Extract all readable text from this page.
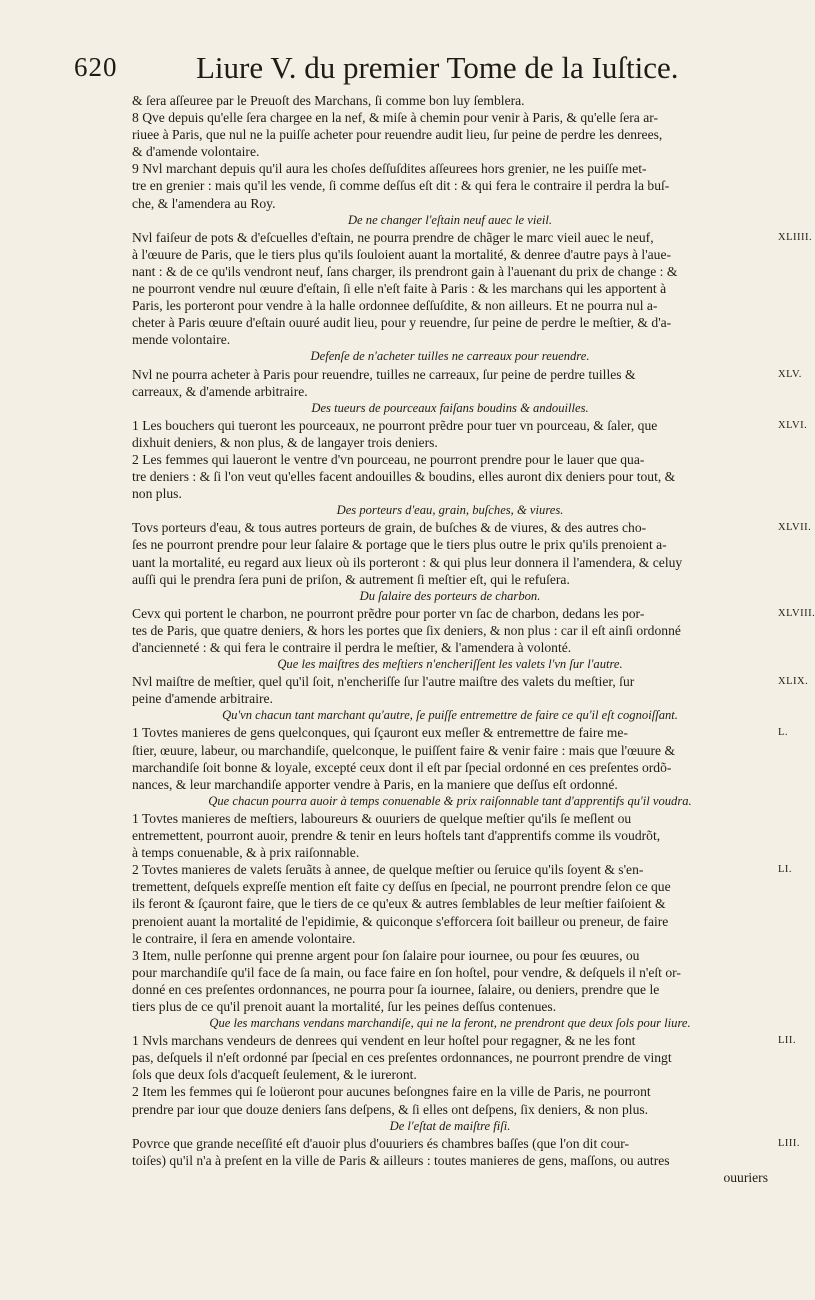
620	Liure V. du premier Tome de la Iuſtice.
& ſera aſſeuree par le Preuoſt des Marchans, ſi comme bon luy ſemblera.
8 Qve depuis qu'elle ſera chargee en la nef, & miſe à chemin pour venir à Paris, & qu'elle ſera ar-
riuee à Paris, que nul ne la puiſſe acheter pour reuendre audit lieu, ſur peine de perdre les denrees,
& d'amende volontaire.
9 Nvl marchant depuis qu'il aura les choſes deſſuſdites aſſeurees hors grenier, ne les puiſſe met-
tre en grenier : mais qu'il les vende, ſi comme deſſus eſt dit : & qui fera le contraire il perdra la buſ-
che, & l'amendera au Roy.
De ne changer l'eſtain neuf auec le vieil.
XLIIII.
Nvl faiſeur de pots & d'eſcuelles d'eſtain, ne pourra prendre de chãger le marc vieil auec le neuf,
à l'œuure de Paris, que le tiers plus qu'ils ſouloient auant la mortalité, & denree d'autre pays à l'aue-
nant : & de ce qu'ils vendront neuf, ſans charger, ils prendront gain à l'auenant du prix de change : &
ne pourront vendre nul œuure d'eſtain, ſi elle n'eſt faite à Paris : & les marchans qui les apportent à
Paris, les porteront pour vendre à la halle ordonnee deſſuſdite, & non ailleurs. Et ne pourra nul a-
cheter à Paris œuure d'eſtain ouuré audit lieu, pour y reuendre, ſur peine de perdre le meſtier, & d'a-
mende volontaire.
Defenſe de n'acheter tuilles ne carreaux pour reuendre.
XLV.
Nvl ne pourra acheter à Paris pour reuendre, tuilles ne carreaux, ſur peine de perdre tuilles &
carreaux, & d'amende arbitraire.
Des tueurs de pourceaux faiſans boudins & andouilles.
XLVI.
1 Les bouchers qui tueront les pourceaux, ne pourront prẽdre pour tuer vn pourceau, & ſaler, que
dixhuit deniers, & non plus, & de langayer trois deniers.
2 Les femmes qui laueront le ventre d'vn pourceau, ne pourront prendre pour le lauer que qua-
tre deniers : & ſi l'on veut qu'elles facent andouilles & boudins, elles auront dix deniers pour tout, &
non plus.
Des porteurs d'eau, grain, buſches, & viures.
XLVII.
Tovs porteurs d'eau, & tous autres porteurs de grain, de buſches & de viures, & des autres cho-
ſes ne pourront prendre pour leur ſalaire & portage que le tiers plus outre le prix qu'ils prenoient a-
uant la mortalité, eu regard aux lieux où ils porteront : & qui plus leur donnera il l'amendera, & celuy
auſſi qui le prendra ſera puni de priſon, & autrement ſi meſtier eſt, qui le refuſera.
Du ſalaire des porteurs de charbon.
XLVIII.
Cevx qui portent le charbon, ne pourront prẽdre pour porter vn ſac de charbon, dedans les por-
tes de Paris, que quatre deniers, & hors les portes que ſix deniers, & non plus : car il eſt ainſi ordonné
d'ancienneté : & qui fera le contraire il perdra le meſtier, & l'amendera à volonté.
Que les maiſtres des meſtiers n'encheriſſent les valets l'vn ſur l'autre.
XLIX.
Nvl maiſtre de meſtier, quel qu'il ſoit, n'encheriſſe ſur l'autre maiſtre des valets du meſtier, ſur
peine d'amende arbitraire.
Qu'vn chacun tant marchant qu'autre, ſe puiſſe entremettre de faire ce qu'il eſt cognoiſſant.
L.
1 Tovtes manieres de gens quelconques, qui ſçauront eux meſler & entremettre de faire me-
ſtier, œuure, labeur, ou marchandiſe, quelconque, le puiſſent faire & venir faire : mais que l'œuure &
marchandiſe ſoit bonne & loyale, excepté ceux dont il eſt par ſpecial ordonné en ces preſentes ordõ-
nances, & leur marchandiſe apporter vendre à Paris, en la maniere que deſſus eſt ordonné.
Que chacun pourra auoir à temps conuenable & prix raiſonnable tant d'apprentifs qu'il voudra.
1 Tovtes manieres de meſtiers, laboureurs & ouuriers de quelque meſtier qu'ils ſe meſlent ou
entremettent, pourront auoir, prendre & tenir en leurs hoſtels tant d'apprentifs comme ils voudrõt,
à temps conuenable, & à prix raiſonnable.
LI.
2 Tovtes manieres de valets ſeruãts à annee, de quelque meſtier ou ſeruice qu'ils ſoyent & s'en-
tremettent, deſquels expreſſe mention eſt faite cy deſſus en ſpecial, ne pourront prendre ſelon ce que
ils feront & ſçauront faire, que le tiers de ce qu'eux & autres ſemblables de leur meſtier faiſoient &
prenoient auant la mortalité de l'epidimie, & quiconque s'efforcera ſoit bailleur ou preneur, de faire
le contraire, il ſera en amende volontaire.
3 Item, nulle perſonne qui prenne argent pour ſon ſalaire pour iournee, ou pour ſes œuures, ou
pour marchandiſe qu'il face de ſa main, ou face faire en ſon hoſtel, pour vendre, & deſquels il n'eſt or-
donné en ces preſentes ordonnances, ne pourra pour ſa iournee, ſalaire, ou deniers, prendre que le
tiers plus de ce qu'il prenoit auant la mortalité, ſur les peines deſſus contenues.
Que les marchans vendans marchandiſe, qui ne la feront, ne prendront que deux ſols pour liure.
LII.
1 Nvls marchans vendeurs de denrees qui vendent en leur hoſtel pour regagner, & ne les font
pas, deſquels il n'eſt ordonné par ſpecial en ces preſentes ordonnances, ne pourront prendre de vingt
ſols que deux ſols d'acqueſt ſeulement, & le iureront.
2 Item les femmes qui ſe loüeront pour aucunes beſongnes faire en la ville de Paris, ne pourront
prendre par iour que douze deniers ſans deſpens, & ſi elles ont deſpens, ſix deniers, & non plus.
De l'eſtat de maiſtre fiſi.
LIII.
Povrce que grande neceſſité eſt d'auoir plus d'ouuriers és chambres baſſes (que l'on dit cour-
toiſes) qu'il n'a à preſent en la ville de Paris & ailleurs : toutes manieres de gens, maſſons, ou autres
ouuriers
